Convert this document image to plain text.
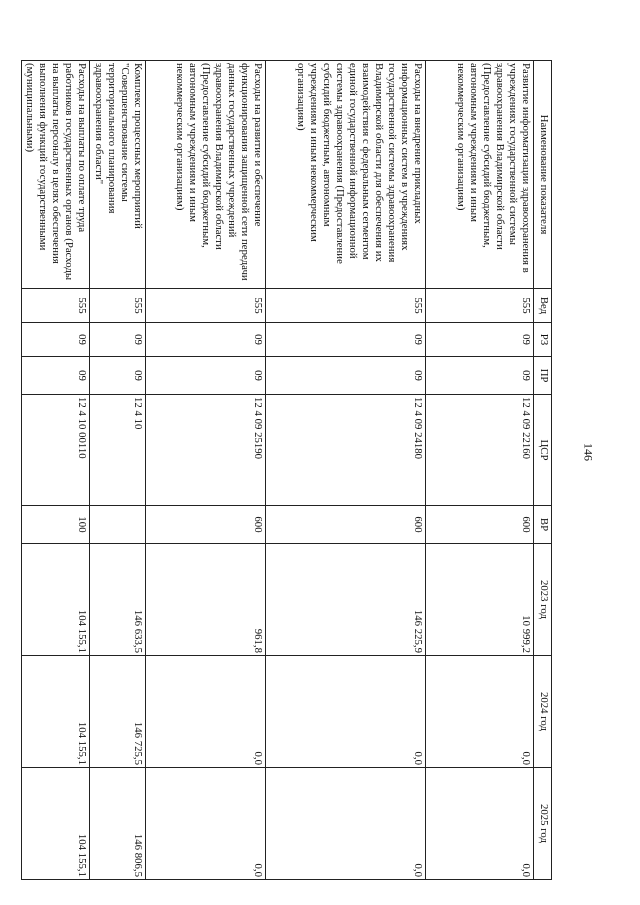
146
Наименование показателя	Вед	РЗ	ПР	ЦСР	ВР	2023 год	2024 год	2025 год
Развитие информатизации здравоохранения в учреждениях государственной системы здравоохранения Владимирской области (Предоставление субсидий бюджетным, автономным учреждениям и иным некоммерческим организациям)	555	09	09	12 4 09 22160	600	10 999,2	0,0	0,0
Расходы на внедрение прикладных информационных систем в учреждениях государственной системы здравоохранения Владимирской области для обеспечения их взаимодействия с федеральным сегментом единой государственной информационной системы здравоохранения (Предоставление субсидий бюджетным, автономным учреждениям и иным некоммерческим организациям)	555	09	09	12 4 09 24180	600	146 225,9	0,0	0,0
Расходы на развитие и обеспечение функционирования защищенной сети передачи данных государственных учреждений здравоохранения Владимирской области (Предоставление субсидий бюджетным, автономным учреждениям и иным некоммерческим организациям)	555	09	09	12 4 09 25190	600	961,8	0,0	0,0
Комплекс процессных мероприятий "Совершенствование системы территориального планирования здравоохранения области"	555	09	09	12 4 10		146 633,5	146 725,5	146 806,5
Расходы на выплаты по оплате труда работников государственных органов (Расходы на выплаты персоналу в целях обеспечения выполнения функций государственными (муниципальными)	555	09	09	12 4 10 00110	100	104 155,1	104 155,1	104 155,1
